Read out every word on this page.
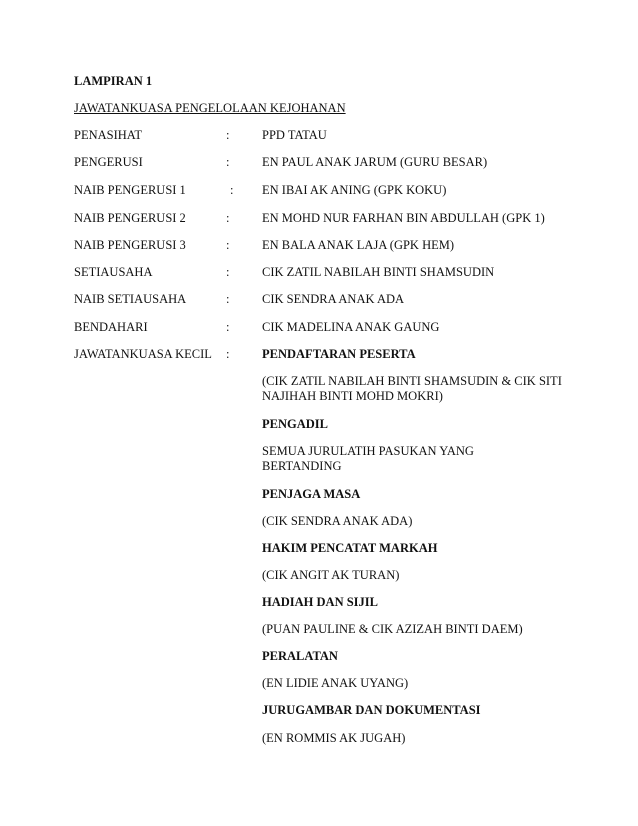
LAMPIRAN 1
JAWATANKUASA PENGELOLAAN KEJOHANAN
PENASIHAT	:	PPD TATAU
PENGERUSI	:	EN PAUL ANAK JARUM (GURU BESAR)
NAIB PENGERUSI 1	: EN IBAI AK ANING (GPK KOKU)
NAIB PENGERUSI 2	:	EN MOHD NUR FARHAN BIN ABDULLAH (GPK 1)
NAIB PENGERUSI 3	:	EN BALA ANAK LAJA (GPK HEM)
SETIAUSAHA	:	CIK ZATIL NABILAH BINTI SHAMSUDIN
NAIB SETIAUSAHA	:	CIK SENDRA ANAK ADA
BENDAHARI	:	CIK MADELINA ANAK GAUNG
JAWATANKUASA KECIL :	PENDAFTARAN PESERTA
(CIK ZATIL NABILAH BINTI SHAMSUDIN & CIK SITI NAJIHAH BINTI MOHD MOKRI)
PENGADIL
SEMUA JURULATIH PASUKAN YANG BERTANDING
PENJAGA MASA
(CIK SENDRA ANAK ADA)
HAKIM PENCATAT MARKAH
(CIK ANGIT AK TURAN)
HADIAH DAN SIJIL
(PUAN PAULINE & CIK AZIZAH BINTI DAEM)
PERALATAN
(EN LIDIE ANAK UYANG)
JURUGAMBAR DAN DOKUMENTASI
(EN ROMMIS AK JUGAH)
